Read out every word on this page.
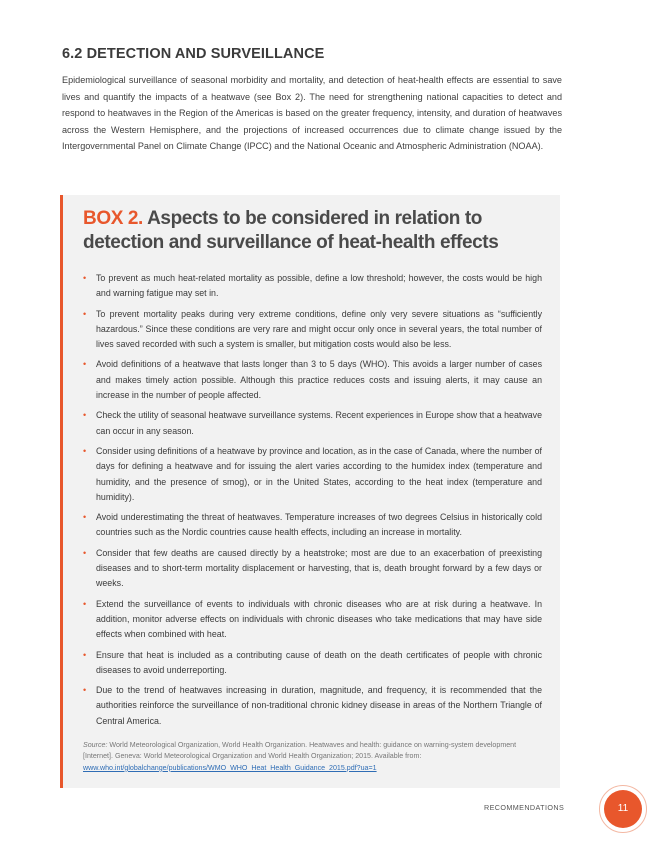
6.2 DETECTION AND SURVEILLANCE

Epidemiological surveillance of seasonal morbidity and mortality, and detection of heat-health effects are essential to save lives and quantify the impacts of a heatwave (see Box 2). The need for strengthening national capacities to detect and respond to heatwaves in the Region of the Americas is based on the greater frequency, intensity, and duration of heatwaves across the Western Hemisphere, and the projections of increased occurrences due to climate change issued by the Intergovernmental Panel on Climate Change (IPCC) and the National Oceanic and Atmospheric Administration (NOAA).

BOX 2. Aspects to be considered in relation to detection and surveillance of heat-health effects
• To prevent as much heat-related mortality as possible, define a low threshold; however, the costs would be high and warning fatigue may set in.
• To prevent mortality peaks during very extreme conditions, define only very severe situations as “sufficiently hazardous.” Since these conditions are very rare and might occur only once in several years, the total number of lives saved recorded with such a system is smaller, but mitigation costs would also be less.
• Avoid definitions of a heatwave that lasts longer than 3 to 5 days (WHO). This avoids a larger number of cases and makes timely action possible. Although this practice reduces costs and issuing alerts, it may cause an increase in the number of people affected.
• Check the utility of seasonal heatwave surveillance systems. Recent experiences in Europe show that a heatwave can occur in any season.
• Consider using definitions of a heatwave by province and location, as in the case of Canada, where the number of days for defining a heatwave and for issuing the alert varies according to the humidex index (temperature and humidity, and the presence of smog), or in the United States, according to the heat index (temperature and humidity).
• Avoid underestimating the threat of heatwaves. Temperature increases of two degrees Celsius in historically cold countries such as the Nordic countries cause health effects, including an increase in mortality.
• Consider that few deaths are caused directly by a heatstroke; most are due to an exacerbation of preexisting diseases and to short-term mortality displacement or harvesting, that is, death brought forward by a few days or weeks.
• Extend the surveillance of events to individuals with chronic diseases who are at risk during a heatwave. In addition, monitor adverse effects on individuals with chronic diseases who take medications that may have side effects when combined with heat.
• Ensure that heat is included as a contributing cause of death on the death certificates of people with chronic diseases to avoid underreporting.
• Due to the trend of heatwaves increasing in duration, magnitude, and frequency, it is recommended that the authorities reinforce the surveillance of non-traditional chronic kidney disease in areas of the Northern Triangle of Central America.

Source: World Meteorological Organization, World Health Organization. Heatwaves and health: guidance on warning-system development [Internet]. Geneva: World Meteorological Organization and World Health Organization; 2015. Available from: www.who.int/globalchange/publications/WMO_WHO_Heat_Health_Guidance_2015.pdf?ua=1

RECOMMENDATIONS	11
